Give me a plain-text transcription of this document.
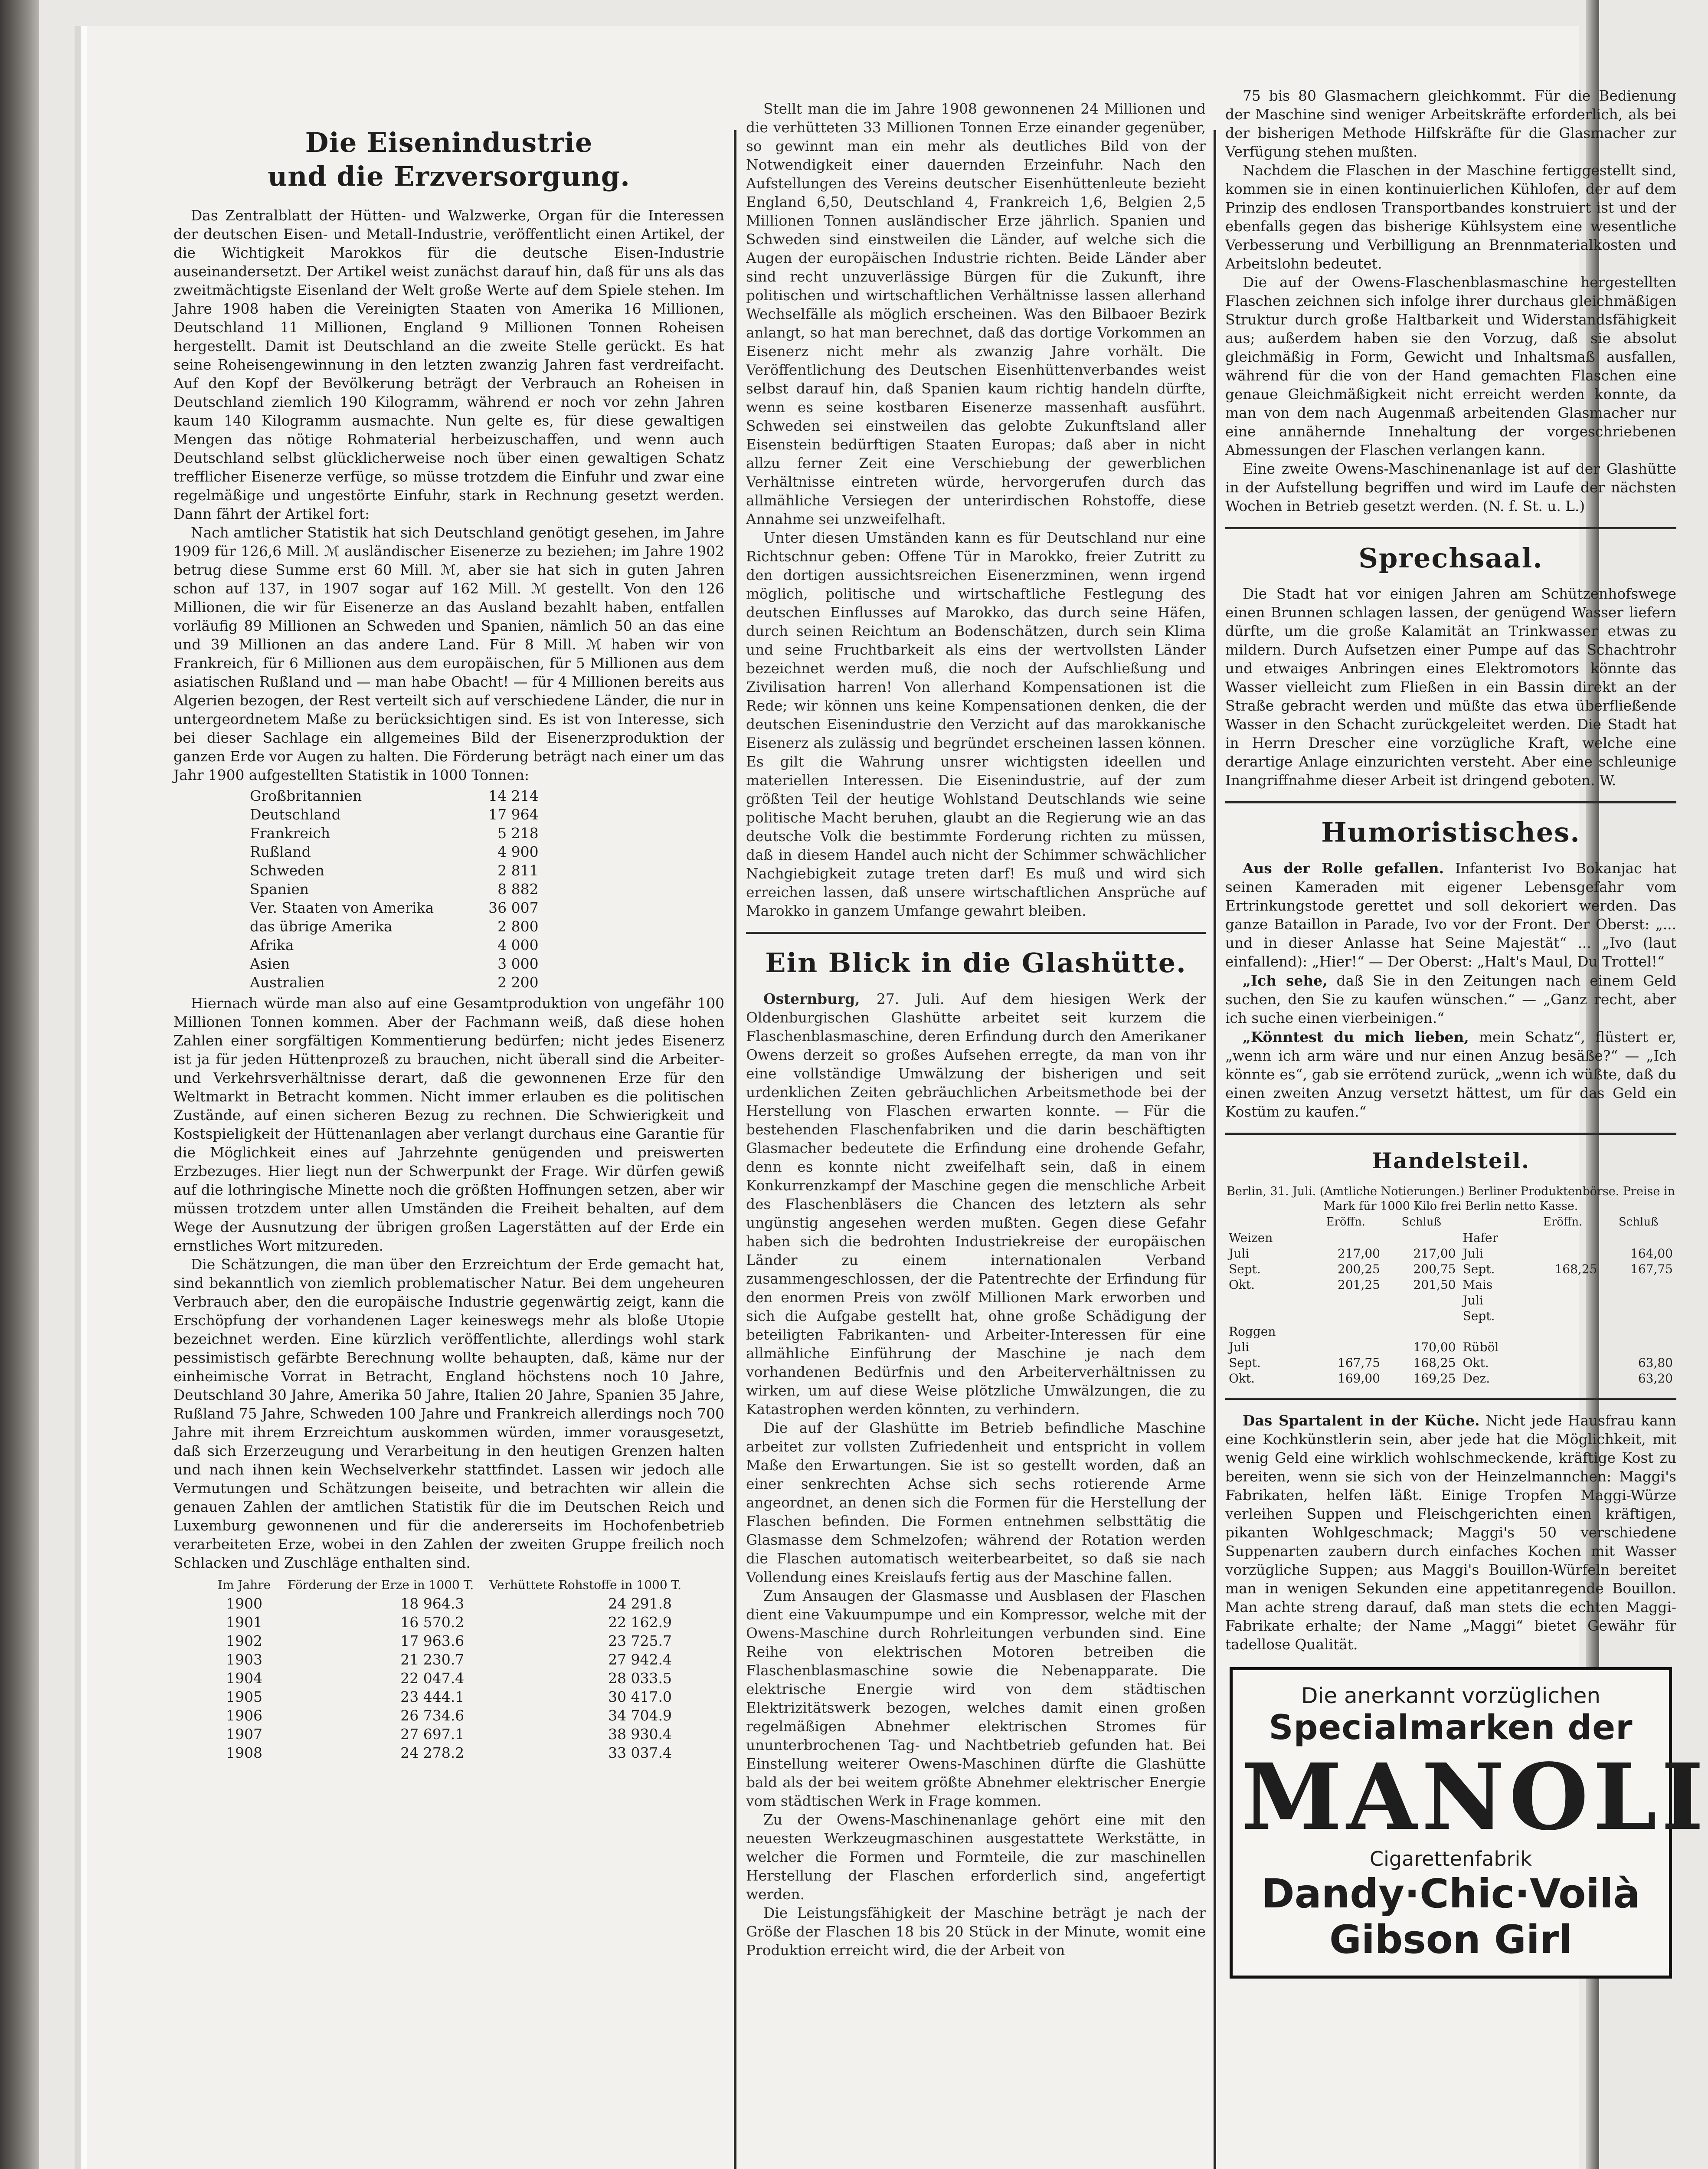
Die Eisenindustrie
und die Erzversorgung.

Das Zentralblatt der Hütten- und Walzwerke, Organ für die Interessen der deutschen Eisen- und Metall-Industrie, veröffentlicht einen Artikel, der die Wichtigkeit Marokkos für die deutsche Eisen-Industrie auseinandersetzt. Der Artikel weist zunächst darauf hin, daß für uns als das zweitmächtigste Eisenland der Welt große Werte auf dem Spiele stehen. Im Jahre 1908 haben die Vereinigten Staaten von Amerika 16 Millionen, Deutschland 11 Millionen, England 9 Millionen Tonnen Roheisen hergestellt. Damit ist Deutschland an die zweite Stelle gerückt. Es hat seine Roheisengewinnung in den letzten zwanzig Jahren fast verdreifacht. Auf den Kopf der Bevölkerung beträgt der Verbrauch an Roheisen in Deutschland ziemlich 190 Kilogramm, während er noch vor zehn Jahren kaum 140 Kilogramm ausmachte. Nun gelte es, für diese gewaltigen Mengen das nötige Rohmaterial herbeizuschaffen, und wenn auch Deutschland selbst glücklicherweise noch über einen gewaltigen Schatz trefflicher Eisenerze verfüge, so müsse trotzdem die Einfuhr und zwar eine regelmäßige und ungestörte Einfuhr, stark in Rechnung gesetzt werden. Dann fährt der Artikel fort:

Nach amtlicher Statistik hat sich Deutschland genötigt gesehen, im Jahre 1909 für 126,6 Mill. ℳ ausländischer Eisenerze zu beziehen; im Jahre 1902 betrug diese Summe erst 60 Mill. ℳ, aber sie hat sich in guten Jahren schon auf 137, in 1907 sogar auf 162 Mill. ℳ gestellt. Von den 126 Millionen, die wir für Eisenerze an das Ausland bezahlt haben, entfallen vorläufig 89 Millionen an Schweden und Spanien, nämlich 50 an das eine und 39 Millionen an das andere Land. Für 8 Mill. ℳ haben wir von Frankreich, für 6 Millionen aus dem europäischen, für 5 Millionen aus dem asiatischen Rußland und — man habe Obacht! — für 4 Millionen bereits aus Algerien bezogen, der Rest verteilt sich auf verschiedene Länder, die nur in untergeordnetem Maße zu berücksichtigen sind. Es ist von Interesse, sich bei dieser Sachlage ein allgemeines Bild der Eisenerzproduktion der ganzen Erde vor Augen zu halten. Die Förderung beträgt nach einer um das Jahr 1900 aufgestellten Statistik in 1000 Tonnen:

Großbritannien	14 214
Deutschland	17 964
Frankreich	5 218
Rußland	4 900
Schweden	2 811
Spanien	8 882
Ver. Staaten von Amerika	36 007
das übrige Amerika	2 800
Afrika	4 000
Asien	3 000
Australien	2 200

Hiernach würde man also auf eine Gesamtproduktion von ungefähr 100 Millionen Tonnen kommen. Aber der Fachmann weiß, daß diese hohen Zahlen einer sorgfältigen Kommentierung bedürfen; nicht jedes Eisenerz ist ja für jeden Hüttenprozeß zu brauchen, nicht überall sind die Arbeiter- und Verkehrsverhältnisse derart, daß die gewonnenen Erze für den Weltmarkt in Betracht kommen. Nicht immer erlauben es die politischen Zustände, auf einen sicheren Bezug zu rechnen. Die Schwierigkeit und Kostspieligkeit der Hüttenanlagen aber verlangt durchaus eine Garantie für die Möglichkeit eines auf Jahrzehnte genügenden und preiswerten Erzbezuges. Hier liegt nun der Schwerpunkt der Frage. Wir dürfen gewiß auf die lothringische Minette noch die größten Hoffnungen setzen, aber wir müssen trotzdem unter allen Umständen die Freiheit behalten, auf dem Wege der Ausnutzung der übrigen großen Lagerstätten auf der Erde ein ernstliches Wort mitzureden.

Die Schätzungen, die man über den Erzreichtum der Erde gemacht hat, sind bekanntlich von ziemlich problematischer Natur. Bei dem ungeheuren Verbrauch aber, den die europäische Industrie gegenwärtig zeigt, kann die Erschöpfung der vorhandenen Lager keineswegs mehr als bloße Utopie bezeichnet werden. Eine kürzlich veröffentlichte, allerdings wohl stark pessimistisch gefärbte Berechnung wollte behaupten, daß, käme nur der einheimische Vorrat in Betracht, England höchstens noch 10 Jahre, Deutschland 30 Jahre, Amerika 50 Jahre, Italien 20 Jahre, Spanien 35 Jahre, Rußland 75 Jahre, Schweden 100 Jahre und Frankreich allerdings noch 700 Jahre mit ihrem Erzreichtum auskommen würden, immer vorausgesetzt, daß sich Erzerzeugung und Verarbeitung in den heutigen Grenzen halten und nach ihnen kein Wechselverkehr stattfindet. Lassen wir jedoch alle Vermutungen und Schätzungen beiseite, und betrachten wir allein die genauen Zahlen der amtlichen Statistik für die im Deutschen Reich und Luxemburg gewonnenen und für die andererseits im Hochofenbetrieb verarbeiteten Erze, wobei in den Zahlen der zweiten Gruppe freilich noch Schlacken und Zuschläge enthalten sind.

Im Jahre	Förderung der Erze in 1000 T.	Verhüttete Rohstoffe in 1000 T.
1900	18 964.3	24 291.8
1901	16 570.2	22 162.9
1902	17 963.6	23 725.7
1903	21 230.7	27 942.4
1904	22 047.4	28 033.5
1905	23 444.1	30 417.0
1906	26 734.6	34 704.9
1907	27 697.1	38 930.4
1908	24 278.2	33 037.4

Stellt man die im Jahre 1908 gewonnenen 24 Millionen und die verhütteten 33 Millionen Tonnen Erze einander gegenüber, so gewinnt man ein mehr als deutliches Bild von der Notwendigkeit einer dauernden Erzeinfuhr. Nach den Aufstellungen des Vereins deutscher Eisenhüttenleute bezieht England 6,50, Deutschland 4, Frankreich 1,6, Belgien 2,5 Millionen Tonnen ausländischer Erze jährlich. Spanien und Schweden sind einstweilen die Länder, auf welche sich die Augen der europäischen Industrie richten. Beide Länder aber sind recht unzuverlässige Bürgen für die Zukunft, ihre politischen und wirtschaftlichen Verhältnisse lassen allerhand Wechselfälle als möglich erscheinen. Was den Bilbaoer Bezirk anlangt, so hat man berechnet, daß das dortige Vorkommen an Eisenerz nicht mehr als zwanzig Jahre vorhält. Die Veröffentlichung des Deutschen Eisenhüttenverbandes weist selbst darauf hin, daß Spanien kaum richtig handeln dürfte, wenn es seine kostbaren Eisenerze massenhaft ausführt. Schweden sei einstweilen das gelobte Zukunftsland aller Eisenstein bedürftigen Staaten Europas; daß aber in nicht allzu ferner Zeit eine Verschiebung der gewerblichen Verhältnisse eintreten würde, hervorgerufen durch das allmähliche Versiegen der unterirdischen Rohstoffe, diese Annahme sei unzweifelhaft.

Unter diesen Umständen kann es für Deutschland nur eine Richtschnur geben: Offene Tür in Marokko, freier Zutritt zu den dortigen aussichtsreichen Eisenerzminen, wenn irgend möglich, politische und wirtschaftliche Festlegung des deutschen Einflusses auf Marokko, das durch seine Häfen, durch seinen Reichtum an Bodenschätzen, durch sein Klima und seine Fruchtbarkeit als eins der wertvollsten Länder bezeichnet werden muß, die noch der Aufschließung und Zivilisation harren! Von allerhand Kompensationen ist die Rede; wir können uns keine Kompensationen denken, die der deutschen Eisenindustrie den Verzicht auf das marokkanische Eisenerz als zulässig und begründet erscheinen lassen können. Es gilt die Wahrung unsrer wichtigsten ideellen und materiellen Interessen. Die Eisenindustrie, auf der zum größten Teil der heutige Wohlstand Deutschlands wie seine politische Macht beruhen, glaubt an die Regierung wie an das deutsche Volk die bestimmte Forderung richten zu müssen, daß in diesem Handel auch nicht der Schimmer schwächlicher Nachgiebigkeit zutage treten darf! Es muß und wird sich erreichen lassen, daß unsere wirtschaftlichen Ansprüche auf Marokko in ganzem Umfange gewahrt bleiben.

Ein Blick in die Glashütte.

Osternburg, 27. Juli. Auf dem hiesigen Werk der Oldenburgischen Glashütte arbeitet seit kurzem die Flaschenblasmaschine, deren Erfindung durch den Amerikaner Owens derzeit so großes Aufsehen erregte, da man von ihr eine vollständige Umwälzung der bisherigen und seit urdenklichen Zeiten gebräuchlichen Arbeitsmethode bei der Herstellung von Flaschen erwarten konnte. — Für die bestehenden Flaschenfabriken und die darin beschäftigten Glasmacher bedeutete die Erfindung eine drohende Gefahr, denn es konnte nicht zweifelhaft sein, daß in einem Konkurrenzkampf der Maschine gegen die menschliche Arbeit des Flaschenbläsers die Chancen des letztern als sehr ungünstig angesehen werden mußten. Gegen diese Gefahr haben sich die bedrohten Industriekreise der europäischen Länder zu einem internationalen Verband zusammengeschlossen, der die Patentrechte der Erfindung für den enormen Preis von zwölf Millionen Mark erworben und sich die Aufgabe gestellt hat, ohne große Schädigung der beteiligten Fabrikanten- und Arbeiter-Interessen für eine allmähliche Einführung der Maschine je nach dem vorhandenen Bedürfnis und den Arbeiterverhältnissen zu wirken, um auf diese Weise plötzliche Umwälzungen, die zu Katastrophen werden könnten, zu verhindern.

Die auf der Glashütte im Betrieb befindliche Maschine arbeitet zur vollsten Zufriedenheit und entspricht in vollem Maße den Erwartungen. Sie ist so gestellt worden, daß an einer senkrechten Achse sich sechs rotierende Arme angeordnet, an denen sich die Formen für die Herstellung der Flaschen befinden. Die Formen entnehmen selbsttätig die Glasmasse dem Schmelzofen; während der Rotation werden die Flaschen automatisch weiterbearbeitet, so daß sie nach Vollendung eines Kreislaufs fertig aus der Maschine fallen.

Zum Ansaugen der Glasmasse und Ausblasen der Flaschen dient eine Vakuumpumpe und ein Kompressor, welche mit der Owens-Maschine durch Rohrleitungen verbunden sind. Eine Reihe von elektrischen Motoren betreiben die Flaschenblasmaschine sowie die Nebenapparate. Die elektrische Energie wird von dem städtischen Elektrizitätswerk bezogen, welches damit einen großen regelmäßigen Abnehmer elektrischen Stromes für ununterbrochenen Tag- und Nachtbetrieb gefunden hat. Bei Einstellung weiterer Owens-Maschinen dürfte die Glashütte bald als der bei weitem größte Abnehmer elektrischer Energie vom städtischen Werk in Frage kommen.

Zu der Owens-Maschinenanlage gehört eine mit den neuesten Werkzeugmaschinen ausgestattete Werkstätte, in welcher die Formen und Formteile, die zur maschinellen Herstellung der Flaschen erforderlich sind, angefertigt werden.

Die Leistungsfähigkeit der Maschine beträgt je nach der Größe der Flaschen 18 bis 20 Stück in der Minute, womit eine Produktion erreicht wird, die der Arbeit von

75 bis 80 Glasmachern gleichkommt. Für die Bedienung der Maschine sind weniger Arbeitskräfte erforderlich, als bei der bisherigen Methode Hilfskräfte für die Glasmacher zur Verfügung stehen mußten.

Nachdem die Flaschen in der Maschine fertiggestellt sind, kommen sie in einen kontinuierlichen Kühlofen, der auf dem Prinzip des endlosen Transportbandes konstruiert ist und der ebenfalls gegen das bisherige Kühlsystem eine wesentliche Verbesserung und Verbilligung an Brennmaterialkosten und Arbeitslohn bedeutet.

Die auf der Owens-Flaschenblasmaschine hergestellten Flaschen zeichnen sich infolge ihrer durchaus gleichmäßigen Struktur durch große Haltbarkeit und Widerstandsfähigkeit aus; außerdem haben sie den Vorzug, daß sie absolut gleichmäßig in Form, Gewicht und Inhaltsmaß ausfallen, während für die von der Hand gemachten Flaschen eine genaue Gleichmäßigkeit nicht erreicht werden konnte, da man von dem nach Augenmaß arbeitenden Glasmacher nur eine annähernde Innehaltung der vorgeschriebenen Abmessungen der Flaschen verlangen kann.

Eine zweite Owens-Maschinenanlage ist auf der Glashütte in der Aufstellung begriffen und wird im Laufe der nächsten Wochen in Betrieb gesetzt werden. (N. f. St. u. L.)

Sprechsaal.

Die Stadt hat vor einigen Jahren am Schützenhofswege einen Brunnen schlagen lassen, der genügend Wasser liefern dürfte, um die große Kalamität an Trinkwasser etwas zu mildern. Durch Aufsetzen einer Pumpe auf das Schachtrohr und etwaiges Anbringen eines Elektromotors könnte das Wasser vielleicht zum Fließen in ein Bassin direkt an der Straße gebracht werden und müßte das etwa überfließende Wasser in den Schacht zurückgeleitet werden. Die Stadt hat in Herrn Drescher eine vorzügliche Kraft, welche eine derartige Anlage einzurichten versteht. Aber eine schleunige Inangriffnahme dieser Arbeit ist dringend geboten. W.

Humoristisches.

Aus der Rolle gefallen. Infanterist Ivo Bokanjac hat seinen Kameraden mit eigener Lebensgefahr vom Ertrinkungstode gerettet und soll dekoriert werden. Das ganze Bataillon in Parade, Ivo vor der Front. Der Oberst: „... und in dieser Anlasse hat Seine Majestät“ ... „Ivo (laut einfallend): „Hier!“ — Der Oberst: „Halt's Maul, Du Trottel!“

„Ich sehe, daß Sie in den Zeitungen nach einem Geld suchen, den Sie zu kaufen wünschen.“ — „Ganz recht, aber ich suche einen vierbeinigen.“

„Könntest du mich lieben, mein Schatz“, flüstert er, „wenn ich arm wäre und nur einen Anzug besäße?“ — „Ich könnte es“, gab sie errötend zurück, „wenn ich wüßte, daß du einen zweiten Anzug versetzt hättest, um für das Geld ein Kostüm zu kaufen.“

Handelsteil.
Berlin, 31. Juli. (Amtliche Notierungen.) Berliner Produktenbörse. Preise in Mark für 1000 Kilo frei Berlin netto Kasse.
	Eröffn.	Schluß		Eröffn.	Schluß
Weizen			Hafer		
Juli	217,00	217,00	Juli		164,00
Sept.	200,25	200,75	Sept.	168,25	167,75
Okt.	201,25	201,50	Mais		
			Juli		
			Sept.		
Roggen					
Juli		170,00	Rüböl		
Sept.	167,75	168,25	Okt.		63,80
Okt.	169,00	169,25	Dez.		63,20

Das Spartalent in der Küche. Nicht jede Hausfrau kann eine Kochkünstlerin sein, aber jede hat die Möglichkeit, mit wenig Geld eine wirklich wohlschmeckende, kräftige Kost zu bereiten, wenn sie sich von der Heinzelmannchen: Maggi's Fabrikaten, helfen läßt. Einige Tropfen Maggi-Würze verleihen Suppen und Fleischgerichten einen kräftigen, pikanten Wohlgeschmack; Maggi's 50 verschiedene Suppenarten zaubern durch einfaches Kochen mit Wasser vorzügliche Suppen; aus Maggi's Bouillon-Würfeln bereitet man in wenigen Sekunden eine appetitanregende Bouillon. Man achte streng darauf, daß man stets die echten Maggi-Fabrikate erhalte; der Name „Maggi“ bietet Gewähr für tadellose Qualität.

Die anerkannt vorzüglichen
Specialmarken der
MANOLI
Cigarettenfabrik
Dandy·Chic·Voilà
Gibson Girl
